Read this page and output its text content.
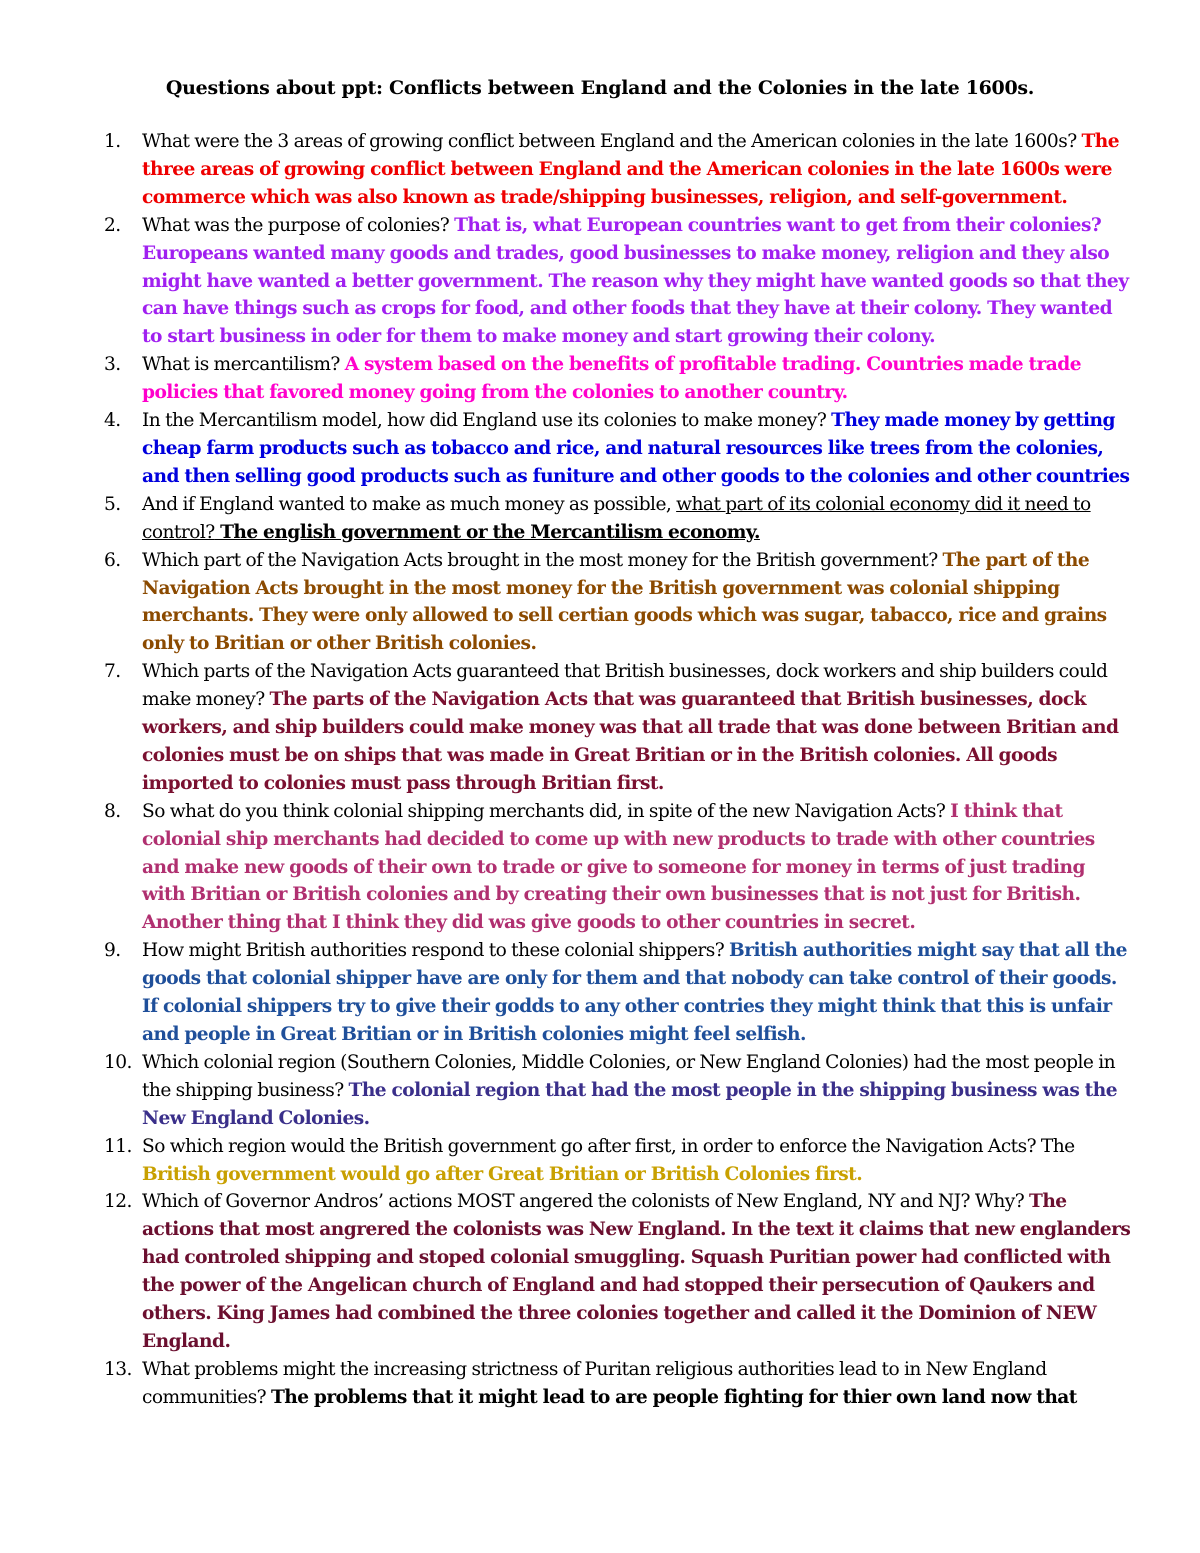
Questions about ppt: Conflicts between England and the Colonies in the late 1600s.
1.	What were the 3 areas of growing conflict between England and the American colonies in the late 1600s? The three areas of growing conflict between England and the American colonies in the late 1600s were commerce which was also known as trade/shipping businesses, religion, and self-government.
2.	What was the purpose of colonies? That is, what European countries want to get from their colonies? Europeans wanted many goods and trades, good businesses to make money, religion and they also might have wanted a better government. The reason why they might have wanted goods so that they can have things such as crops for food, and other foods that they have at their colony. They wanted to start business in oder for them to make money and start growing their colony.
3.	What is mercantilism? A system based on the benefits of profitable trading. Countries made trade policies that favored money going from the colonies to another country.
4.	In the Mercantilism model, how did England use its colonies to make money? They made money by getting cheap farm products such as tobacco and rice, and natural resources like trees from the colonies, and then selling good products such as funiture and other goods to the colonies and other countries
5.	And if England wanted to make as much money as possible, what part of its colonial economy did it need to control? The english government or the Mercantilism economy.
6.	Which part of the Navigation Acts brought in the most money for the British government? The part of the Navigation Acts brought in the most money for the British government was colonial shipping merchants. They were only allowed to sell certian goods which was sugar, tabacco, rice and grains only to Britian or other British colonies.
7.	Which parts of the Navigation Acts guaranteed that British businesses, dock workers and ship builders could make money? The parts of the Navigation Acts that was guaranteed that British businesses, dock workers, and ship builders could make money was that all trade that was done between Britian and colonies must be on ships that was made in Great Britian or in the British colonies. All goods imported to colonies must pass through Britian first.
8.	So what do you think colonial shipping merchants did, in spite of the new Navigation Acts? I think that colonial ship merchants had decided to come up with new products to trade with other countries and make new goods of their own to trade or give to someone for money in terms of just trading with Britian or British colonies and by creating their own businesses that is not just for British. Another thing that I think they did was give goods to other countries in secret.
9.	How might British authorities respond to these colonial shippers? British authorities might say that all the goods that colonial shipper have are only for them and that nobody can take control of their goods. If colonial shippers try to give their godds to any other contries they might think that this is unfair and people in Great Britian or in British colonies might feel selfish.
10. Which colonial region (Southern Colonies, Middle Colonies, or New England Colonies) had the most people in the shipping business? The colonial region that had the most people in the shipping business was the New England Colonies.
11. So which region would the British government go after first, in order to enforce the Navigation Acts? The British government would go after Great Britian or British Colonies first.
12. Which of Governor Andros’ actions MOST angered the colonists of New England, NY and NJ? Why? The actions that most angrered the colonists was New England. In the text it claims that new englanders had controled shipping and stoped colonial smuggling. Squash Puritian power had conflicted with the power of the Angelican church of England and had stopped their persecution of Qaukers and others. King James had combined the three colonies together and called it the Dominion of NEW England.
13. What problems might the increasing strictness of Puritan religious authorities lead to in New England communities? The problems that it might lead to are people fighting for thier own land now that
